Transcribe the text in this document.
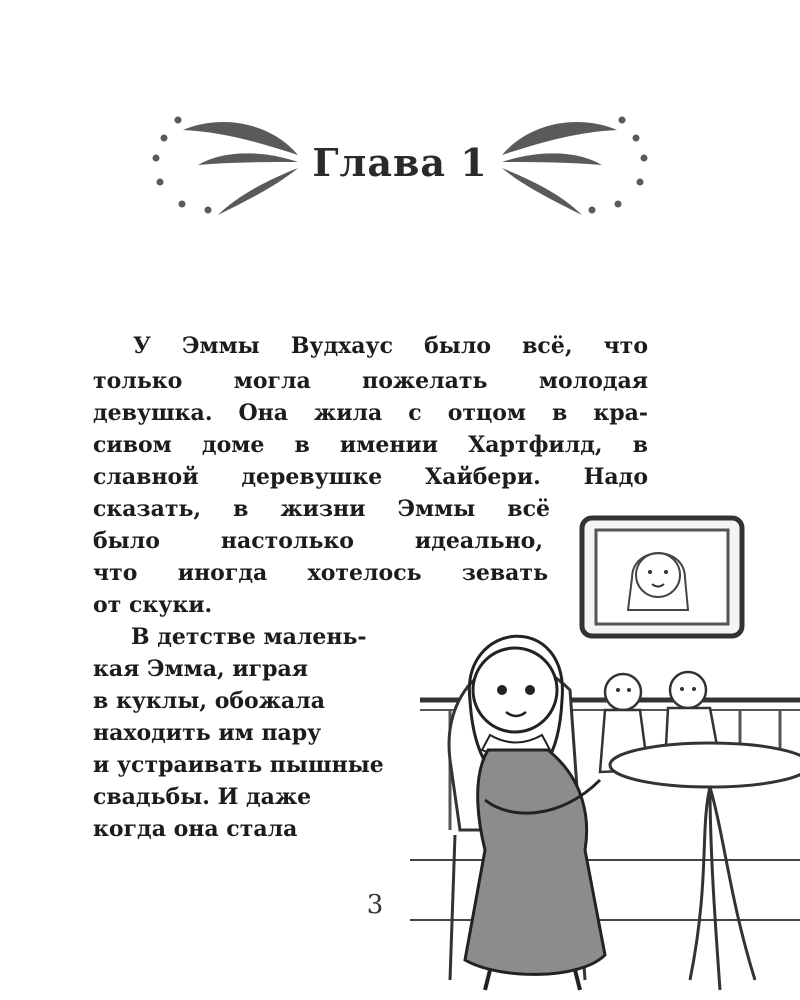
Глава 1
У Эммы Вудхаус было всё, что
только могла пожелать молодая
девушка. Она жила с отцом в кра-
сивом доме в имении Хартфилд, в
славной деревушке Хайбери. Надо
сказать, в жизни Эммы всё
было настолько идеально,
что иногда хотелось зевать
от скуки.
В детстве малень-
кая Эмма, играя
в куклы, обожала
находить им пару
и устраивать пышные
свадьбы. И даже
когда она стала
3
